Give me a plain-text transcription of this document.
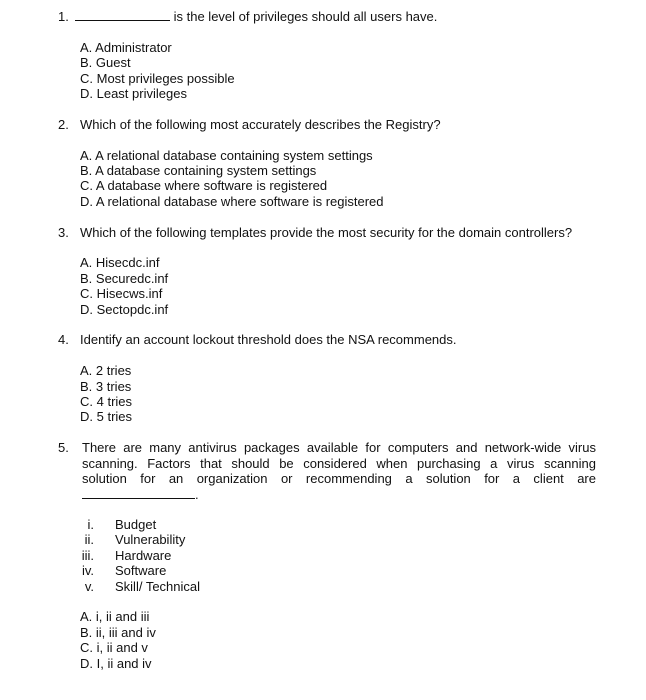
1.	is the level of privileges should all users have.
A. Administrator
B. Guest
C. Most privileges possible
D. Least privileges
2. Which of the following most accurately describes the Registry?
A. A relational database containing system settings
B. A database containing system settings
C. A database where software is registered
D. A relational database where software is registered
3. Which of the following templates provide the most security for the domain controllers?
A. Hisecdc.inf
B. Securedc.inf
C. Hisecws.inf
D. Sectopdc.inf
4. Identify an account lockout threshold does the NSA recommends.
A. 2 tries
B. 3 tries
C. 4 tries
D. 5 tries
5. There are many antivirus packages available for computers and network-wide virus
scanning. Factors that should be considered when purchasing a virus scanning
solution for an organization or recommending a solution for a client are
.
i. Budget
ii. Vulnerability
iii. Hardware
iv. Software
v. Skill/ Technical
A. i, ii and iii
B. ii, iii and iv
C. i, ii and v
D. I, ii and iv
